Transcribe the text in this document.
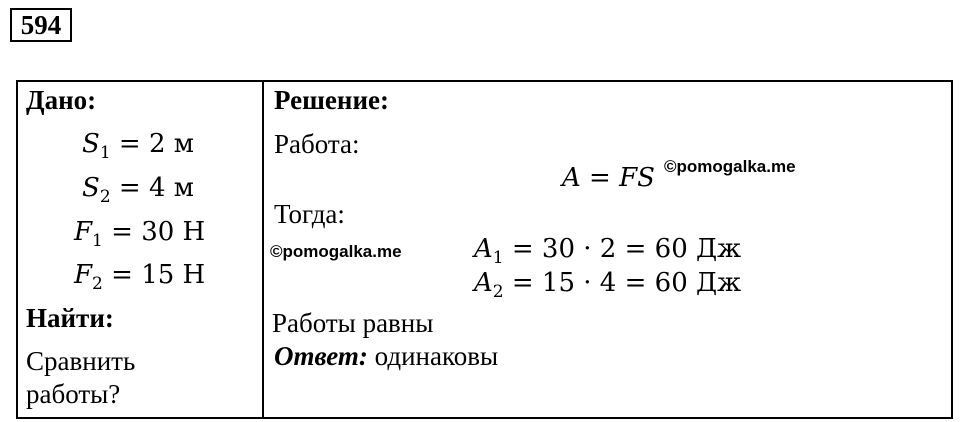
594
Дано:
$S_1 = 2$ м
$S_2 = 4$ м
$F_1 = 30$ Н
$F_2 = 15$ Н
Найти:
Сравнить
работы?
Решение:
Работа:
A = FS ©pomogalka.me
Тогда:
©pomogalka.me	$A_1 = 30 \cdot 2 = 60$ Дж
$A_2 = 15 \cdot 4 = 60$ Дж
Работы равны
Ответ: одинаковы
